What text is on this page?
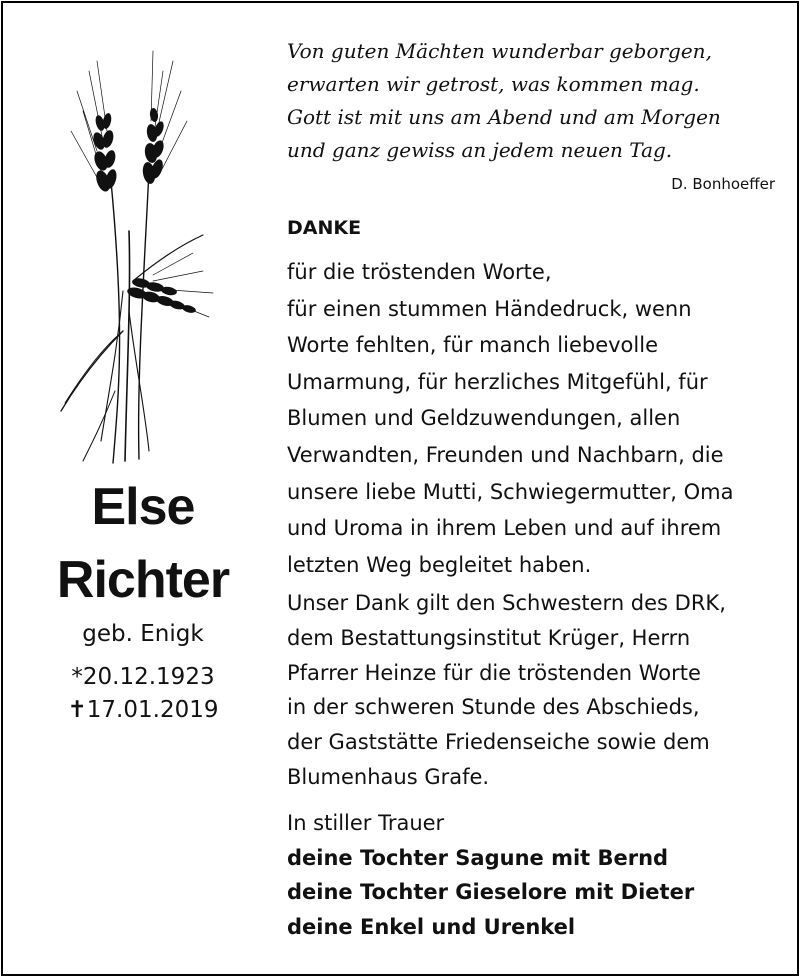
Else
Richter
geb. Enigk
*20.12.1923
✝17.01.2019
Von guten Mächten wunderbar geborgen,
erwarten wir getrost, was kommen mag.
Gott ist mit uns am Abend und am Morgen
und ganz gewiss an jedem neuen Tag.
D. Bonhoeffer
DANKE
für die tröstenden Worte,
für einen stummen Händedruck, wenn
Worte fehlten, für manch liebevolle
Umarmung, für herzliches Mitgefühl, für
Blumen und Geldzuwendungen, allen
Verwandten, Freunden und Nachbarn, die
unsere liebe Mutti, Schwiegermutter, Oma
und Uroma in ihrem Leben und auf ihrem
letzten Weg begleitet haben.
Unser Dank gilt den Schwestern des DRK,
dem Bestattungsinstitut Krüger, Herrn
Pfarrer Heinze für die tröstenden Worte
in der schweren Stunde des Abschieds,
der Gaststätte Friedenseiche sowie dem
Blumenhaus Grafe.
In stiller Trauer
deine Tochter Sagune mit Bernd
deine Tochter Gieselore mit Dieter
deine Enkel und Urenkel
